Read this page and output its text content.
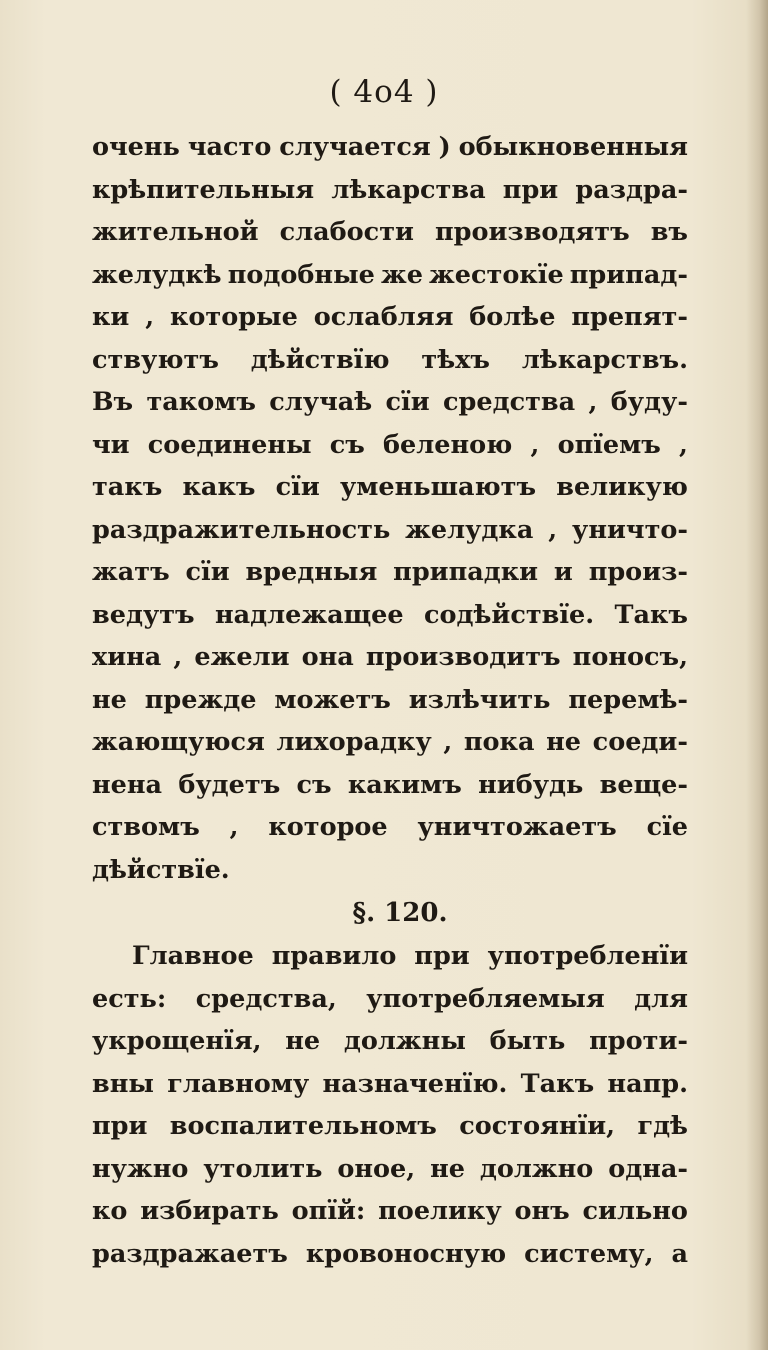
( 4о4 )
очень часто случается ) обыкновенныя
крѣпительныя лѣкарства при раздра-
жительной слабости производятъ въ
желудкѣ подобные же жестокїе припад-
ки , которые ослабляя болѣе препят-
ствуютъ дѣйствїю тѣхъ лѣкарствъ.
Въ такомъ случаѣ сїи средства , буду-
чи соединены съ беленою , опїемъ ,
такъ какъ сїи уменьшаютъ великую
раздражительность желудка , уничто-
жатъ сїи вредныя припадки и произ-
ведутъ надлежащее содѣйствїе. Такъ
хина , ежели она производитъ поносъ,
не прежде можетъ излѣчить перемѣ-
жающуюся лихорадку , пока не соеди-
нена будетъ съ какимъ нибудь веще-
ствомъ , которое уничтожаетъ сїе
дѣйствїе.
§. 120.
Главное правило при употребленїи
есть: средства, употребляемыя для
укрощенїя, не должны быть проти-
вны главному назначенїю. Такъ напр.
при воспалительномъ состоянїи, гдѣ
нужно утолить оное, не должно одна-
ко избирать опїй: поелику онъ сильно
раздражаетъ кровоносную систему, а
